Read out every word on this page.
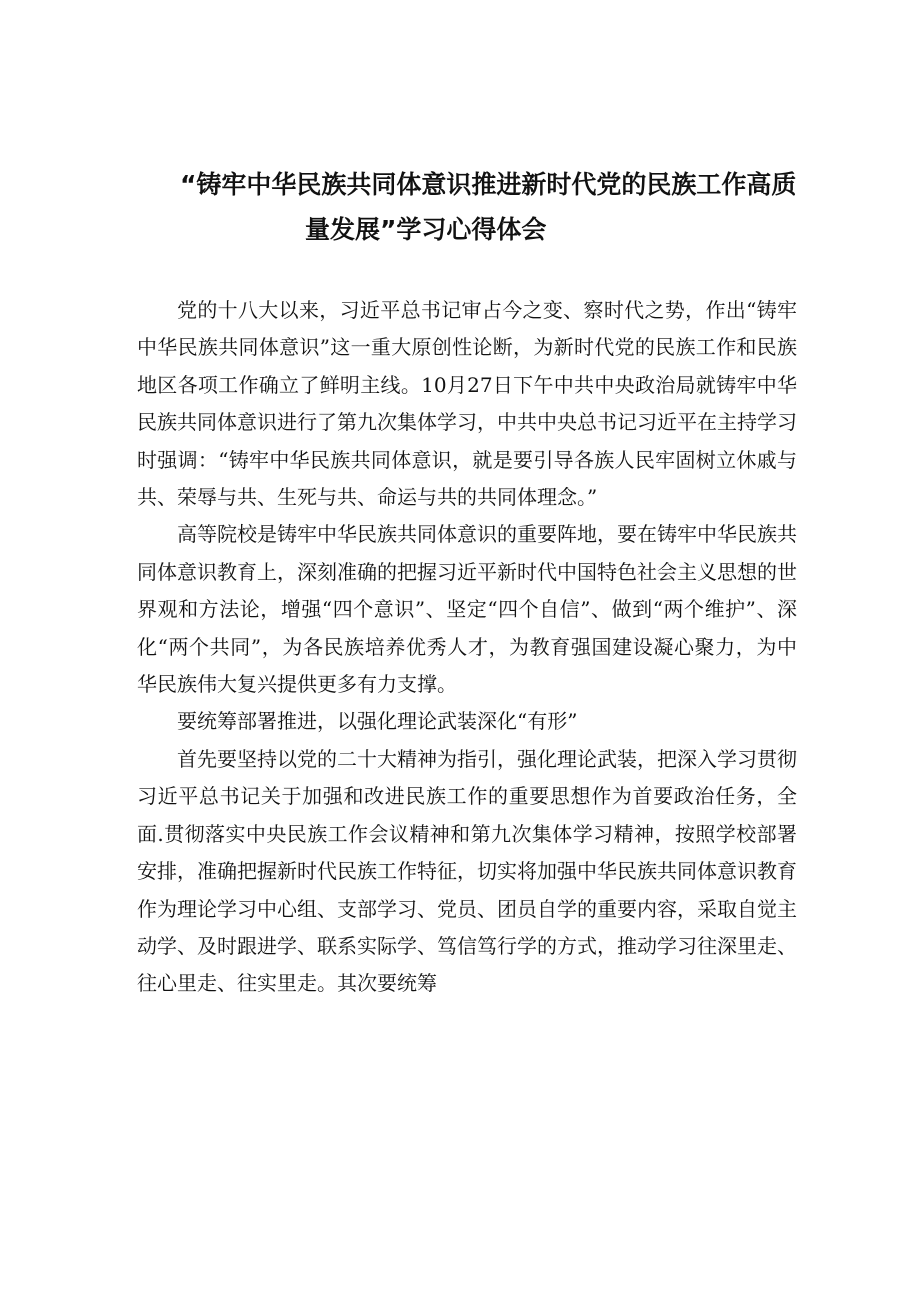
“铸牢中华民族共同体意识推进新时代党的民族工作高质
量发展”学习心得体会

党的十八大以来，习近平总书记审占今之变、察时代之势，作出“铸牢中华民族共同体意识”这一重大原创性论断，为新时代党的民族工作和民族地区各项工作确立了鲜明主线。10月27日下午中共中央政治局就铸牢中华民族共同体意识进行了第九次集体学习，中共中央总书记习近平在主持学习时强调：“铸牢中华民族共同体意识，就是要引导各族人民牢固树立休戚与共、荣辱与共、生死与共、命运与共的共同体理念。”

高等院校是铸牢中华民族共同体意识的重要阵地，要在铸牢中华民族共同体意识教育上，深刻准确的把握习近平新时代中国特色社会主义思想的世界观和方法论，增强“四个意识”、坚定“四个自信”、做到“两个维护”、深化“两个共同”，为各民族培养优秀人才，为教育强国建设凝心聚力，为中华民族伟大复兴提供更多有力支撑。

要统筹部署推进，以强化理论武装深化“有形”

首先要坚持以党的二十大精神为指引，强化理论武装，把深入学习贯彻习近平总书记关于加强和改进民族工作的重要思想作为首要政治任务，全面.贯彻落实中央民族工作会议精神和第九次集体学习精神，按照学校部署安排，准确把握新时代民族工作特征，切实将加强中华民族共同体意识教育作为理论学习中心组、支部学习、党员、团员自学的重要内容，采取自觉主动学、及时跟进学、联系实际学、笃信笃行学的方式，推动学习往深里走、往心里走、往实里走。其次要统筹
